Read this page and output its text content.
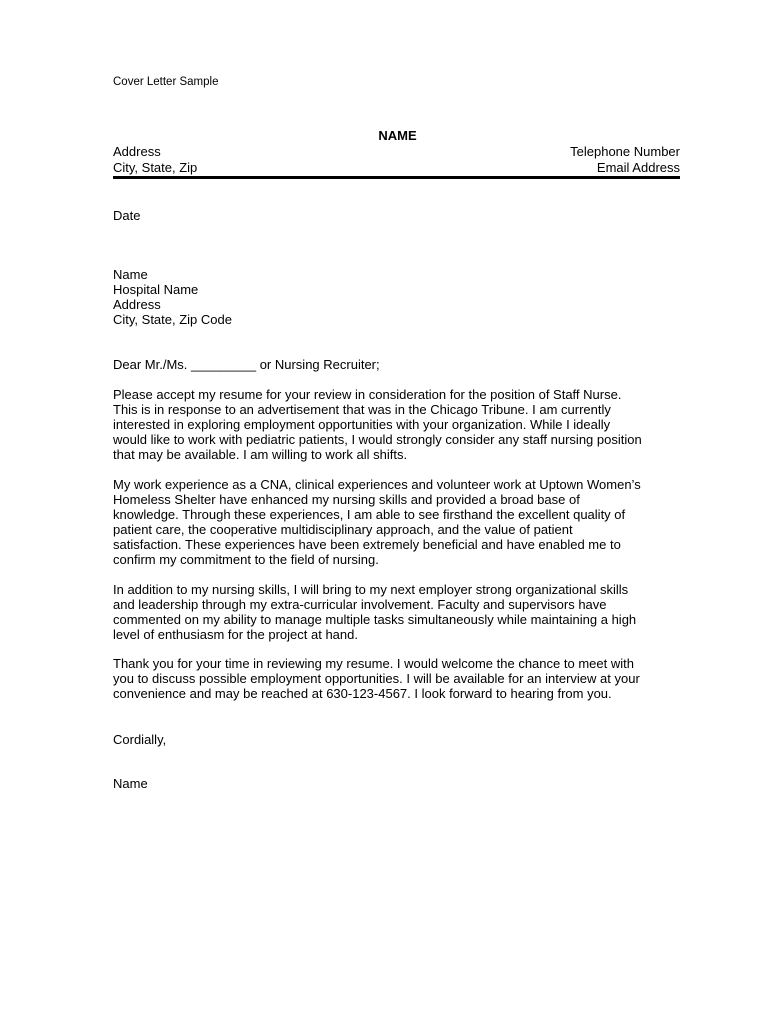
Cover Letter Sample
NAME
Address	Telephone Number
City, State, Zip	Email Address
Date
Name
Hospital Name
Address
City, State, Zip Code
Dear Mr./Ms. _________ or Nursing Recruiter;
Please accept my resume for your review in consideration for the position of Staff Nurse.
This is in response to an advertisement that was in the Chicago Tribune. I am currently
interested in exploring employment opportunities with your organization. While I ideally
would like to work with pediatric patients, I would strongly consider any staff nursing position
that may be available. I am willing to work all shifts.
My work experience as a CNA, clinical experiences and volunteer work at Uptown Women’s
Homeless Shelter have enhanced my nursing skills and provided a broad base of
knowledge. Through these experiences, I am able to see firsthand the excellent quality of
patient care, the cooperative multidisciplinary approach, and the value of patient
satisfaction. These experiences have been extremely beneficial and have enabled me to
confirm my commitment to the field of nursing.
In addition to my nursing skills, I will bring to my next employer strong organizational skills
and leadership through my extra-curricular involvement. Faculty and supervisors have
commented on my ability to manage multiple tasks simultaneously while maintaining a high
level of enthusiasm for the project at hand.
Thank you for your time in reviewing my resume. I would welcome the chance to meet with
you to discuss possible employment opportunities. I will be available for an interview at your
convenience and may be reached at 630-123-4567. I look forward to hearing from you.
Cordially,
Name
